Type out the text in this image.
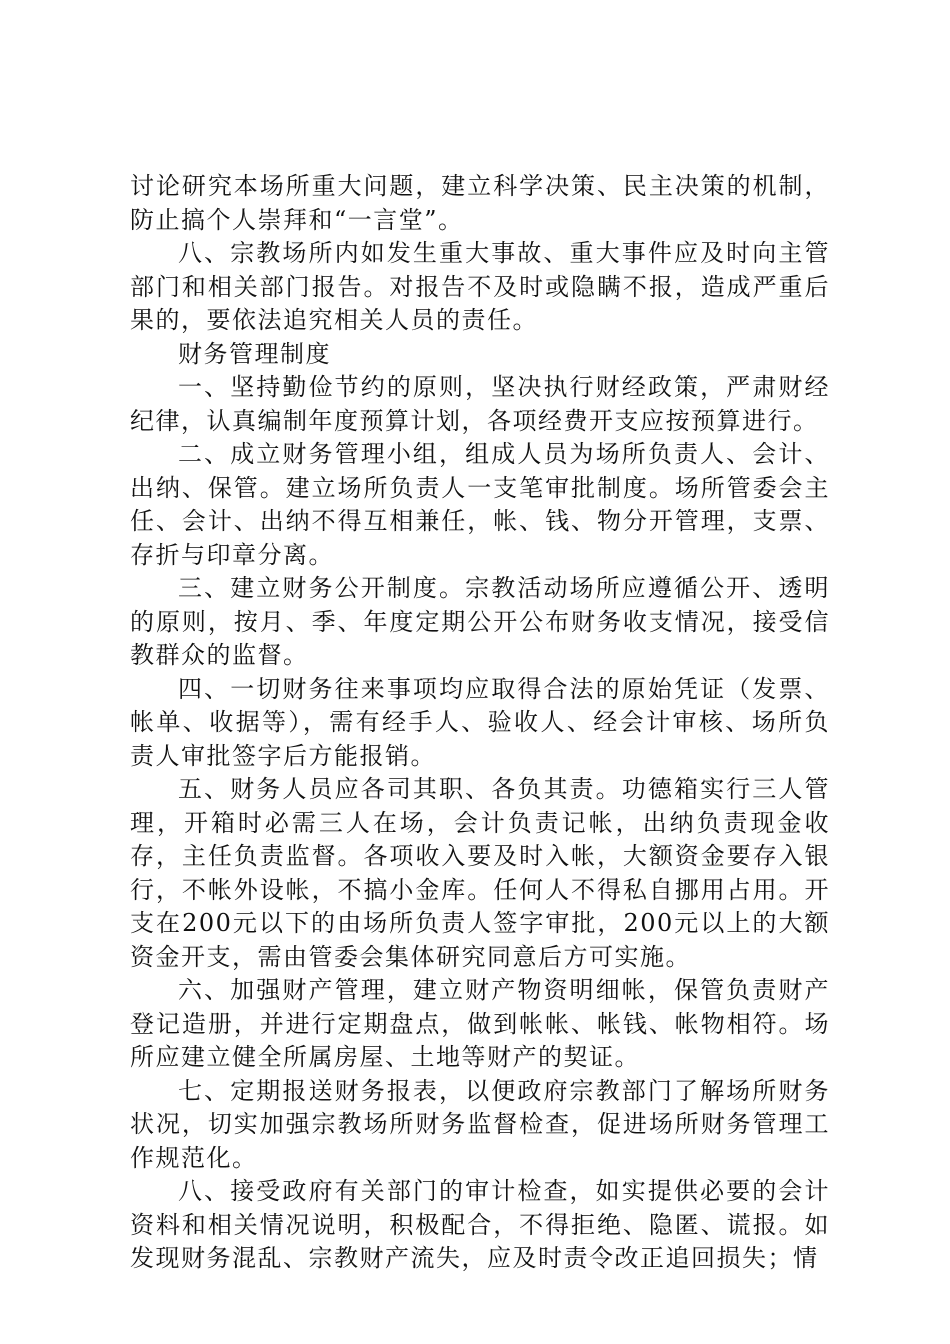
讨论研究本场所重大问题，建立科学决策、民主决策的机制，防止搞个人崇拜和“一言堂”。

八、宗教场所内如发生重大事故、重大事件应及时向主管部门和相关部门报告。对报告不及时或隐瞒不报，造成严重后果的，要依法追究相关人员的责任。

财务管理制度

一、坚持勤俭节约的原则，坚决执行财经政策，严肃财经纪律，认真编制年度预算计划，各项经费开支应按预算进行。

二、成立财务管理小组，组成人员为场所负责人、会计、出纳、保管。建立场所负责人一支笔审批制度。场所管委会主任、会计、出纳不得互相兼任，帐、钱、物分开管理，支票、存折与印章分离。

三、建立财务公开制度。宗教活动场所应遵循公开、透明的原则，按月、季、年度定期公开公布财务收支情况，接受信教群众的监督。

四、一切财务往来事项均应取得合法的原始凭证（发票、帐单、收据等），需有经手人、验收人、经会计审核、场所负责人审批签字后方能报销。

五、财务人员应各司其职、各负其责。功德箱实行三人管理，开箱时必需三人在场，会计负责记帐，出纳负责现金收存，主任负责监督。各项收入要及时入帐，大额资金要存入银行，不帐外设帐，不搞小金库。任何人不得私自挪用占用。开支在200元以下的由场所负责人签字审批，200元以上的大额资金开支，需由管委会集体研究同意后方可实施。

六、加强财产管理，建立财产物资明细帐，保管负责财产登记造册，并进行定期盘点，做到帐帐、帐钱、帐物相符。场所应建立健全所属房屋、土地等财产的契证。

七、定期报送财务报表，以便政府宗教部门了解场所财务状况，切实加强宗教场所财务监督检查，促进场所财务管理工作规范化。

八、接受政府有关部门的审计检查，如实提供必要的会计资料和相关情况说明，积极配合，不得拒绝、隐匿、谎报。如发现财务混乱、宗教财产流失，应及时责令改正追回损失；情
